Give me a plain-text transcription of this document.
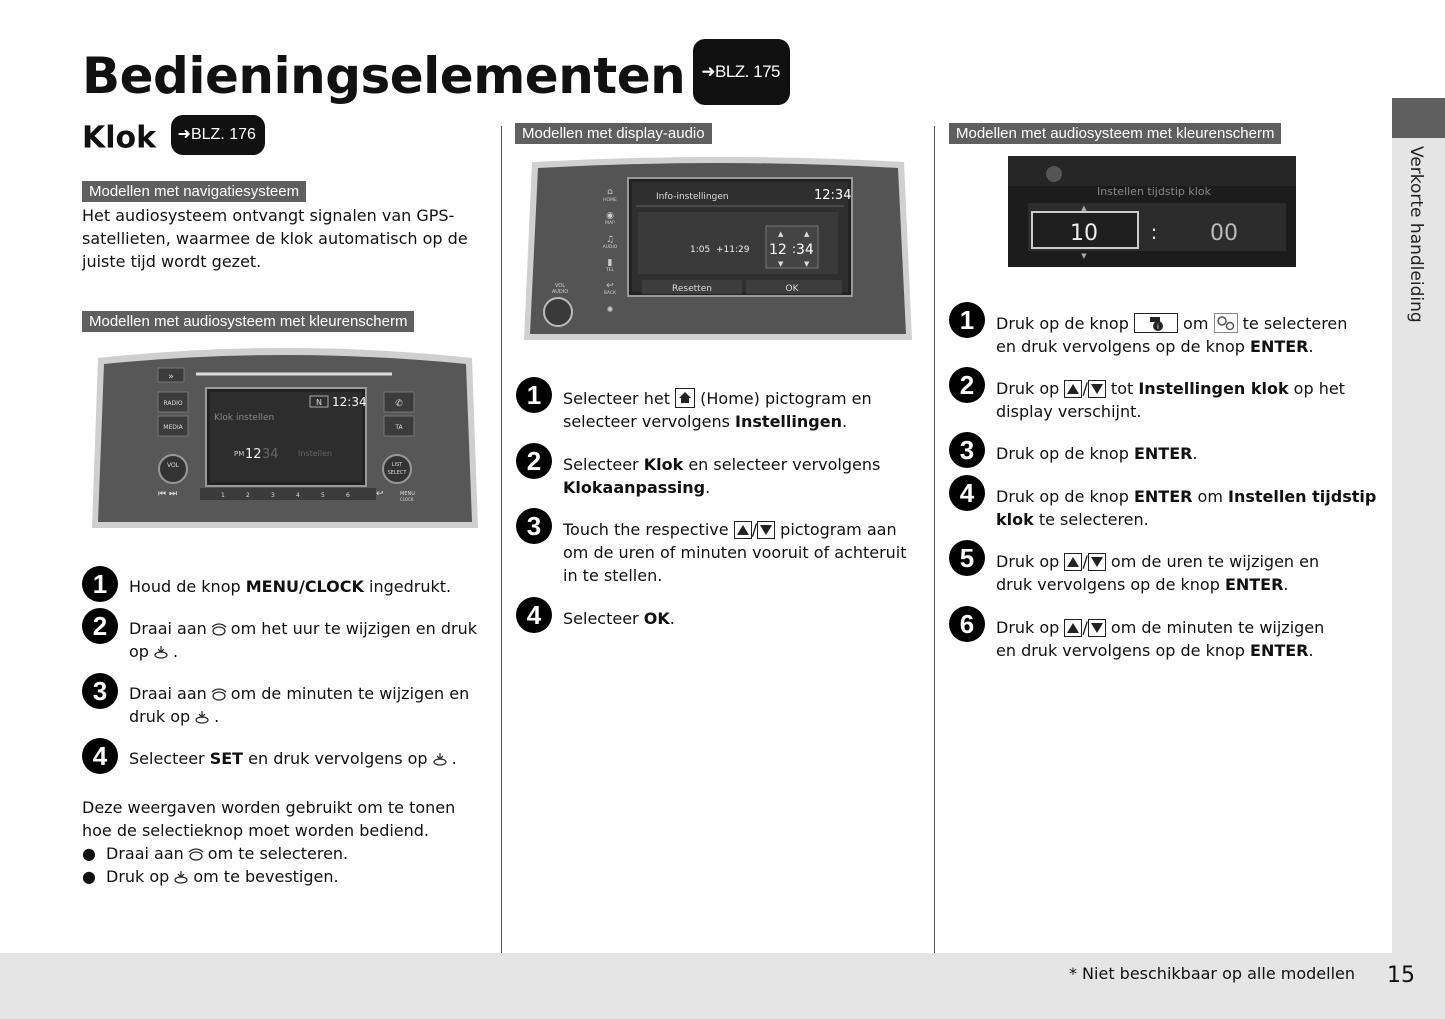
Bedieningselementen ➜BLZ. 175
Klok ➜BLZ. 176
Modellen met navigatiesysteem
Het audiosysteem ontvangt signalen van GPS-satellieten, waarmee de klok automatisch op de juiste tijd wordt gezet.
Modellen met audiosysteem met kleurenscherm
»
RADIO
MEDIA
VOL
Klok instellen
N 12:34
PM 12 34 Instellen
✆
TA
LIST
SELECT
⏮ ⏭	1	2	3	4	5	6	↩	MENU
CLOCK
1	Houd de knop MENU/CLOCK ingedrukt.
2	Draai aan om het uur te wijzigen en druk
op .
3	Draai aan om de minuten te wijzigen en
druk op .
4	Selecteer SET en druk vervolgens op .
Deze weergaven worden gebruikt om te tonen
hoe de selectieknop moet worden bediend.
● Draai aan om te selecteren.
● Druk op om te bevestigen.
Modellen met display-audio
Info-instellingen	12:34
1:05 +11:29
▲	▲
12 : 34
▼	▼
Resetten	OK
⌂
HOME
◉
MAP
♫
AUDIO
▮
TEL
↩
BACK
✺
VOL
AUDIO
1	Selecteer het (Home) pictogram en
selecteer vervolgens Instellingen.
2	Selecteer Klok en selecteer vervolgens
Klokaanpassing.
3	Touch the respective / pictogram aan
om de uren of minuten vooruit of achteruit
in te stellen.
4	Selecteer OK.
Modellen met audiosysteem met kleurenscherm
Instellen tijdstip klok
▲
10
▼
: 00
1	Druk op de knop	i om te selecteren
en druk vervolgens op de knop ENTER.
2	Druk op / tot Instellingen klok op het
display verschijnt.
3	Druk op de knop ENTER.
4	Druk op de knop ENTER om Instellen tijdstip
klok te selecteren.
5	Druk op / om de uren te wijzigen en
druk vervolgens op de knop ENTER.
6	Druk op / om de minuten te wijzigen
en druk vervolgens op de knop ENTER.
Verkorte handleiding
* Niet beschikbaar op alle modellen 15
